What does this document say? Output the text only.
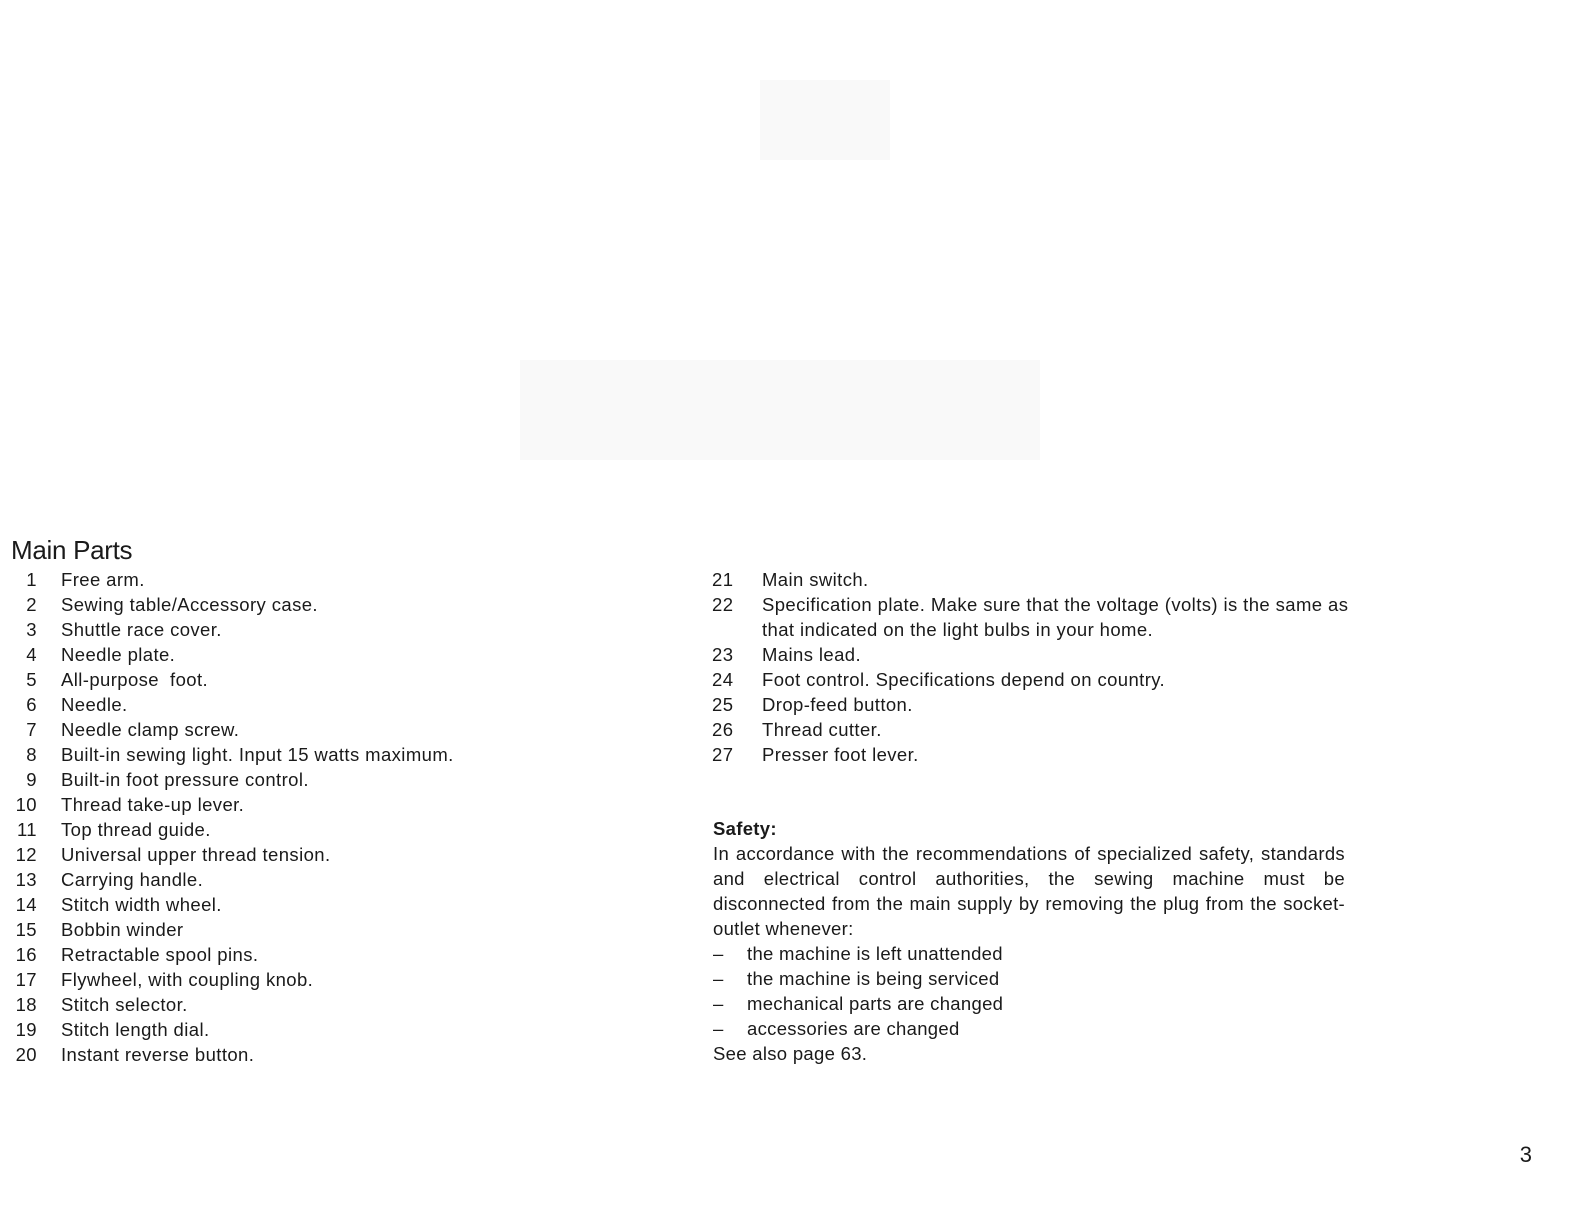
Main Parts
1	Free arm.
2	Sewing table/Accessory case.
3	Shuttle race cover.
4	Needle plate.
5	All-purpose  foot.
6	Needle.
7	Needle clamp screw.
8	Built-in sewing light. Input 15 watts maximum.
9	Built-in foot pressure control.
10	Thread take-up lever.
11	Top thread guide.
12	Universal upper thread tension.
13	Carrying handle.
14	Stitch width wheel.
15	Bobbin winder
16	Retractable spool pins.
17	Flywheel, with coupling knob.
18	Stitch selector.
19	Stitch length dial.
20	Instant reverse button.
21	Main switch.
22	Specification plate. Make sure that the voltage (volts) is the same as that indicated on the light bulbs in your home.
23	Mains lead.
24	Foot control. Specifications depend on country.
25	Drop-feed button.
26	Thread cutter.
27	Presser foot lever.

Safety:

In accordance with the recommendations of specialized safety, standards and electrical control authorities, the sewing machine must be disconnected from the main supply by removing the plug from the socket-outlet whenever:

–	the machine is left unattended
–	the machine is being serviced
–	mechanical parts are changed
–	accessories are changed

See also page 63.

3
